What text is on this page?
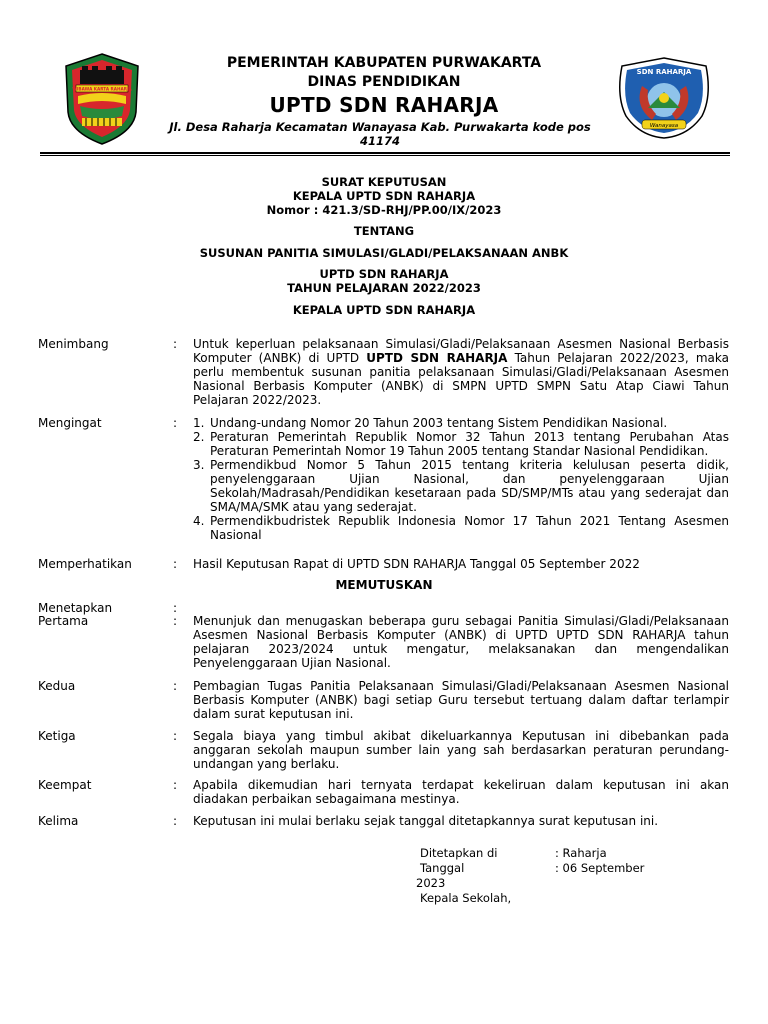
WIBAWA KARTA RAHARJA
SDN RAHARJA
Wanayasa
PEMERINTAH KABUPATEN PURWAKARTA
DINAS PENDIDIKAN
UPTD SDN RAHARJA
Jl. Desa Raharja Kecamatan Wanayasa Kab. Purwakarta kode pos 41174
SURAT KEPUTUSAN
KEPALA UPTD SDN RAHARJA
Nomor : 421.3/SD-RHJ/PP.00/IX/2023
TENTANG
SUSUNAN PANITIA SIMULASI/GLADI/PELAKSANAAN ANBK
UPTD SDN RAHARJA
TAHUN PELAJARAN 2022/2023
KEPALA UPTD SDN RAHARJA
Menimbang	: Untuk keperluan pelaksanaan Simulasi/Gladi/Pelaksanaan Asesmen Nasional Berbasis Komputer (ANBK) di UPTD UPTD SDN RAHARJA Tahun Pelajaran 2022/2023, maka perlu membentuk susunan panitia pelaksanaan Simulasi/Gladi/Pelaksanaan Asesmen Nasional Berbasis Komputer (ANBK) di SMPN UPTD SMPN Satu Atap Ciawi Tahun Pelajaran 2022/2023.
Mengingat	: 1. Undang-undang Nomor 20 Tahun 2003 tentang Sistem Pendidikan Nasional.
2. Peraturan Pemerintah Republik Nomor 32 Tahun 2013 tentang Perubahan Atas Peraturan Pemerintah Nomor 19 Tahun 2005 tentang Standar Nasional Pendidikan.
3. Permendikbud Nomor 5 Tahun 2015 tentang kriteria kelulusan peserta didik, penyelenggaraan Ujian Nasional, dan penyelenggaraan Ujian Sekolah/Madrasah/Pendidikan kesetaraan pada SD/SMP/MTs atau yang sederajat dan SMA/MA/SMK atau yang sederajat.
4. Permendikbudristek Republik Indonesia Nomor 17 Tahun 2021 Tentang Asesmen Nasional
Memperhatikan	: Hasil Keputusan Rapat di UPTD SDN RAHARJA Tanggal 05 September 2022
MEMUTUSKAN
Menetapkan	:
Pertama	: Menunjuk dan menugaskan beberapa guru sebagai Panitia Simulasi/Gladi/Pelaksanaan Asesmen Nasional Berbasis Komputer (ANBK) di UPTD UPTD SDN RAHARJA tahun pelajaran 2023/2024 untuk mengatur, melaksanakan dan mengendalikan Penyelenggaraan Ujian Nasional.
Kedua	: Pembagian Tugas Panitia Pelaksanaan Simulasi/Gladi/Pelaksanaan Asesmen Nasional Berbasis Komputer (ANBK) bagi setiap Guru tersebut tertuang dalam daftar terlampir dalam surat keputusan ini.
Ketiga	: Segala biaya yang timbul akibat dikeluarkannya Keputusan ini dibebankan pada anggaran sekolah maupun sumber lain yang sah berdasarkan peraturan perundang-undangan yang berlaku.
Keempat	: Apabila dikemudian hari ternyata terdapat kekeliruan dalam keputusan ini akan diadakan perbaikan sebagaimana mestinya.
Kelima	: Keputusan ini mulai berlaku sejak tanggal ditetapkannya surat keputusan ini.
Ditetapkan di	: Raharja
Tanggal	: 06 September
2023
Kepala Sekolah,
